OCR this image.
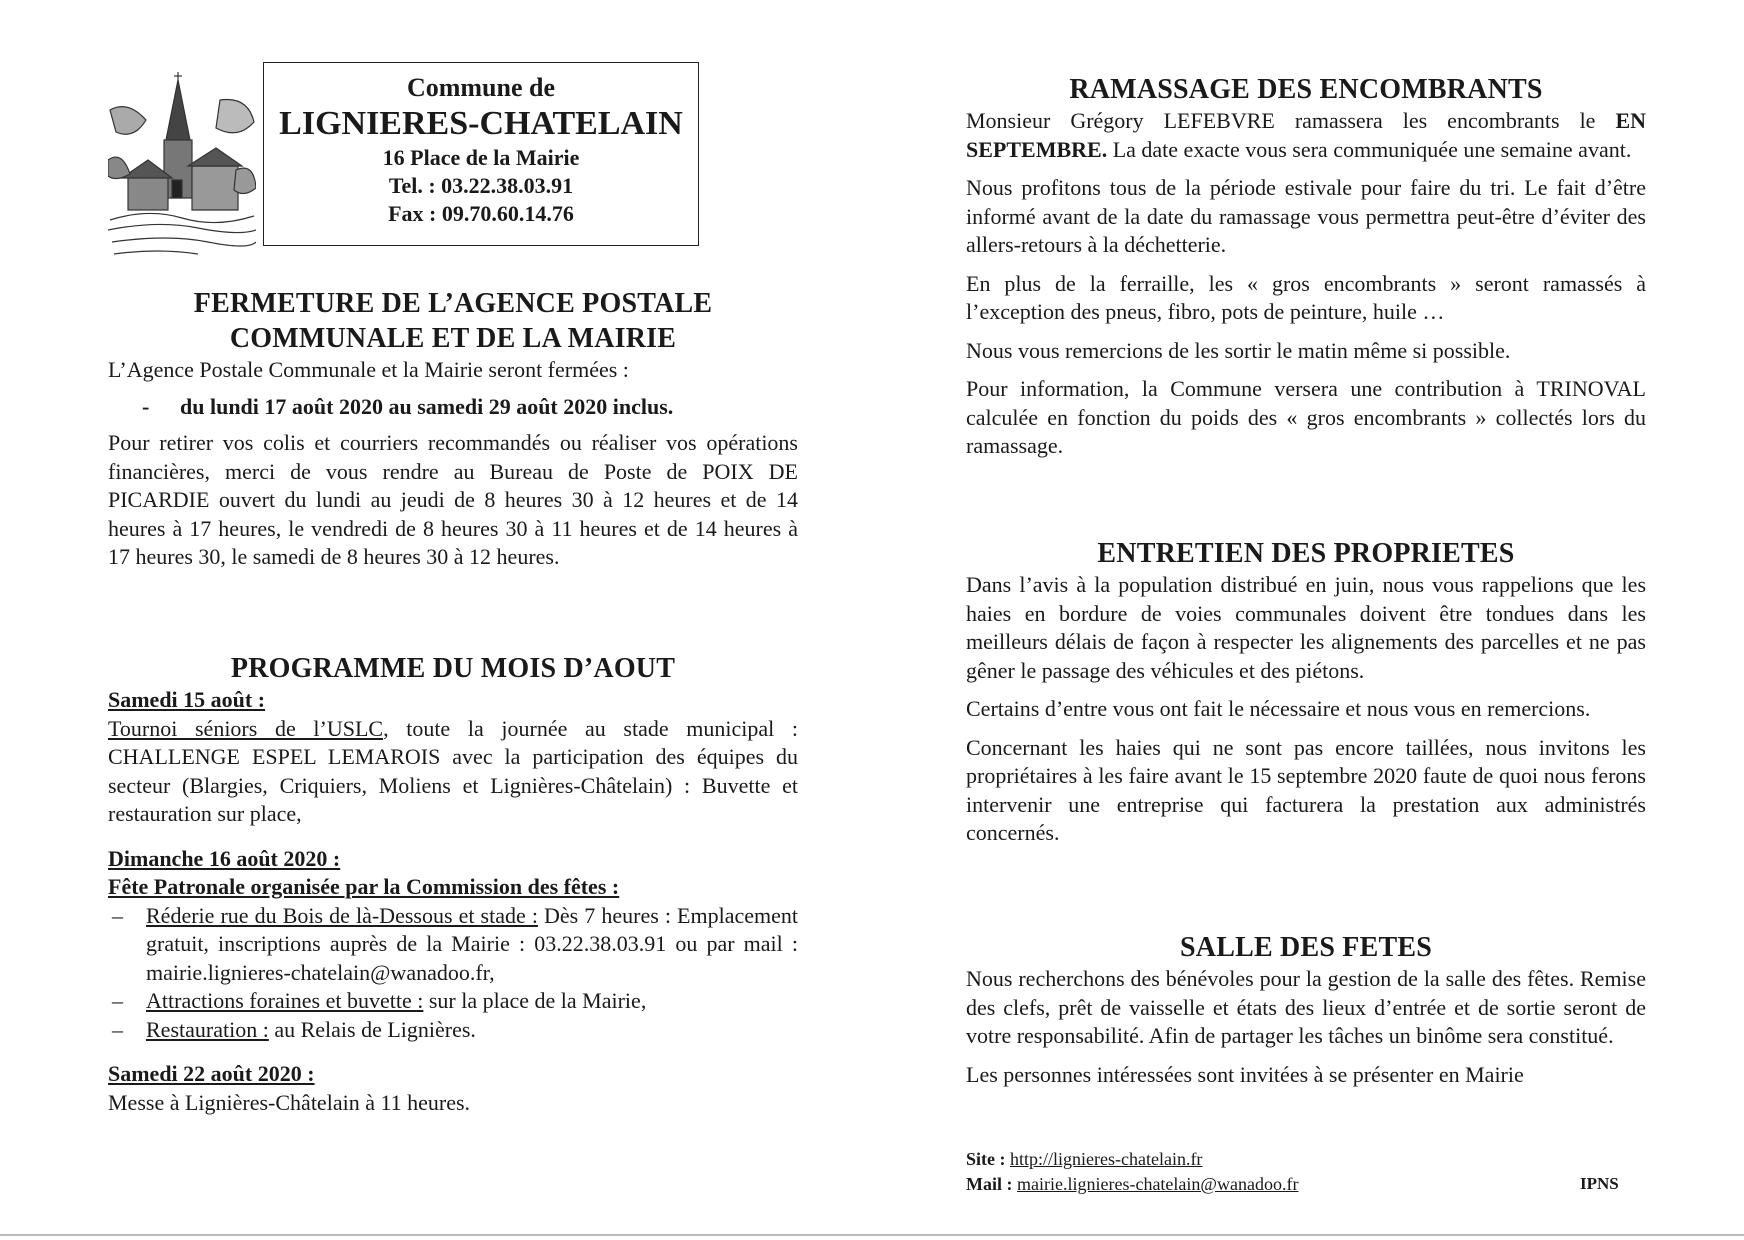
Commune de
LIGNIERES-CHATELAIN
16 Place de la Mairie
Tel. : 03.22.38.03.91
Fax : 09.70.60.14.76
FERMETURE DE L’AGENCE POSTALE
COMMUNALE ET DE LA MAIRIE

L’Agence Postale Communale et la Mairie seront fermées :

- du lundi 17 août 2020 au samedi 29 août 2020 inclus.

Pour retirer vos colis et courriers recommandés ou réaliser vos opérations financières, merci de vous rendre au Bureau de Poste de POIX DE PICARDIE ouvert du lundi au jeudi de 8 heures 30 à 12 heures et de 14 heures à 17 heures, le vendredi de 8 heures 30 à 11 heures et de 14 heures à 17 heures 30, le samedi de 8 heures 30 à 12 heures.

PROGRAMME DU MOIS D’AOUT

Samedi 15 août :

Tournoi séniors de l’USLC, toute la journée au stade municipal : CHALLENGE ESPEL LEMAROIS avec la participation des équipes du secteur (Blargies, Criquiers, Moliens et Lignières-Châtelain) : Buvette et restauration sur place,

Dimanche 16 août 2020 :

Fête Patronale organisée par la Commission des fêtes :

– Réderie rue du Bois de là-Dessous et stade : Dès 7 heures : Emplacement gratuit, inscriptions auprès de la Mairie : 03.22.38.03.91 ou par mail : mairie.lignieres-chatelain@wanadoo.fr,

– Attractions foraines et buvette : sur la place de la Mairie,

– Restauration : au Relais de Lignières.

Samedi 22 août 2020 :

Messe à Lignières-Châtelain à 11 heures.

RAMASSAGE DES ENCOMBRANTS

Monsieur Grégory LEFEBVRE ramassera les encombrants le EN SEPTEMBRE. La date exacte vous sera communiquée une semaine avant.

Nous profitons tous de la période estivale pour faire du tri. Le fait d’être informé avant de la date du ramassage vous permettra peut-être d’éviter des allers-retours à la déchetterie.

En plus de la ferraille, les « gros encombrants » seront ramassés à l’exception des pneus, fibro, pots de peinture, huile …

Nous vous remercions de les sortir le matin même si possible.

Pour information, la Commune versera une contribution à TRINOVAL calculée en fonction du poids des « gros encombrants » collectés lors du ramassage.

ENTRETIEN DES PROPRIETES

Dans l’avis à la population distribué en juin, nous vous rappelions que les haies en bordure de voies communales doivent être tondues dans les meilleurs délais de façon à respecter les alignements des parcelles et ne pas gêner le passage des véhicules et des piétons.

Certains d’entre vous ont fait le nécessaire et nous vous en remercions.

Concernant les haies qui ne sont pas encore taillées, nous invitons les propriétaires à les faire avant le 15 septembre 2020 faute de quoi nous ferons intervenir une entreprise qui facturera la prestation aux administrés concernés.

SALLE DES FETES

Nous recherchons des bénévoles pour la gestion de la salle des fêtes. Remise des clefs, prêt de vaisselle et états des lieux d’entrée et de sortie seront de votre responsabilité. Afin de partager les tâches un binôme sera constitué.

Les personnes intéressées sont invitées à se présenter en Mairie

Site : http://lignieres-chatelain.fr
Mail : mairie.lignieres-chatelain@wanadoo.fr	IPNS
